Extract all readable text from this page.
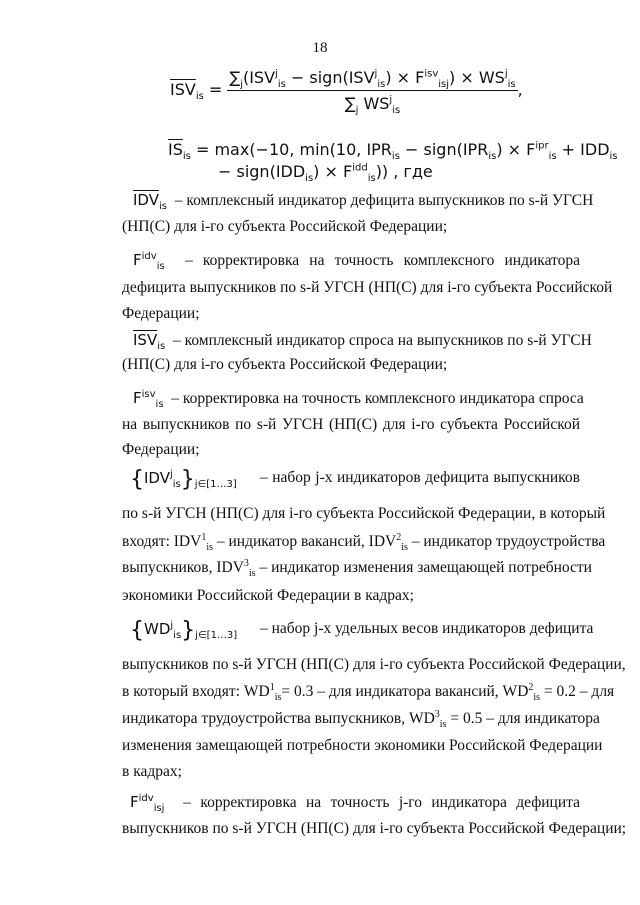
18
$\overline{ISV}_{is} = \frac{\sum_j(ISV^j_{is} - sign(ISV^j_{is}) \times F^{isv}_{isj}) \times WS^j_{is}}{\sum_j WS^j_{is}}$ ,
$\overline{IS}_{is} = \max(-10$, min(10, $IPR_{is}$ − $sign(IPR_{is}) \times F^{ipr}_{is} + IDD_{is}$
− $sign(IDD_{is}) \times F^{idd}_{is}$)) , где
$\overline{IDV}_{is}$ – комплексный индикатор дефицита выпускников по s-й УГСН
(НП(С) для i-го субъекта Российской Федерации;
$F^{idv}_{is}$ – корректировка на точность комплексного индикатора
дефицита выпускников по s-й УГСН (НП(С) для i-го субъекта Российской
Федерации;
$\overline{ISV}_{is}$ – комплексный индикатор спроса на выпускников по s-й УГСН
(НП(С) для i-го субъекта Российской Федерации;
$F^{isv}_{is}$ – корректировка на точность комплексного индикатора спроса
на выпускников по s-й УГСН (НП(С) для i-го субъекта Российской
Федерации;
$\{IDV^j_{is}\}_{j\in[1\dots 3]}$ – набор j-x индикаторов дефицита выпускников
по s-й УГСН (НП(С) для i-го субъекта Российской Федерации, в который
входят: $IDV^1_{is}$ – индикатор вакансий, $IDV^2_{is}$ – индикатор трудоустройства
выпускников, $IDV^3_{is}$ – индикатор изменения замещающей потребности
экономики Российской Федерации в кадрах;
$\{WD^j_{is}\}_{j\in[1\dots 3]}$ – набор j-x удельных весов индикаторов дефицита
выпускников по s-й УГСН (НП(С) для i-го субъекта Российской Федерации,
в который входят: $WD^1_{is}= 0.3$ – для индикатора вакансий, $WD^2_{is} = 0.2$ – для
индикатора трудоустройства выпускников, $WD^3_{is} = 0.5$ – для индикатора
изменения замещающей потребности экономики Российской Федерации
в кадрах;
$F^{idv}_{isj}$ – корректировка на точность j-го индикатора дефицита
выпускников по s-й УГСН (НП(С) для i-го субъекта Российской Федерации;
